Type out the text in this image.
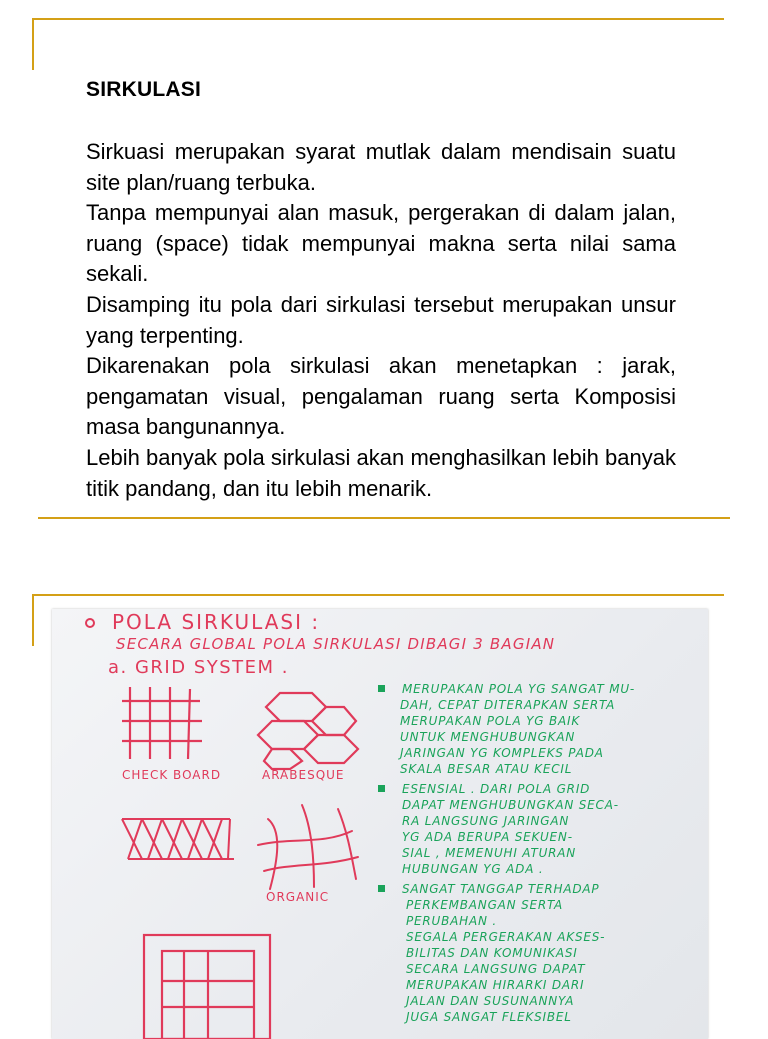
SIRKULASI

Sirkuasi merupakan syarat mutlak dalam mendisain suatu site plan/ruang terbuka.

Tanpa mempunyai alan masuk, pergerakan di dalam jalan, ruang (space) tidak mempunyai makna serta nilai sama sekali.

Disamping itu pola dari sirkulasi tersebut merupakan unsur yang terpenting.

Dikarenakan pola sirkulasi akan menetapkan : jarak, pengamatan visual, pengalaman ruang serta Komposisi masa bangunannya.

Lebih banyak pola sirkulasi akan menghasilkan lebih banyak titik pandang, dan itu lebih menarik.

POLA SIRKULASI :
SECARA GLOBAL POLA SIRKULASI DIBAGI 3 BAGIAN
a. GRID SYSTEM .
CHECK BOARD	ARABESQUE
ORGANIC
MERUPAKAN POLA YG SANGAT MU-
DAH, CEPAT DITERAPKAN SERTA
MERUPAKAN POLA YG BAIK
UNTUK MENGHUBUNGKAN
JARINGAN YG KOMPLEKS PADA
SKALA BESAR ATAU KECIL
ESENSIAL . DARI POLA GRID
DAPAT MENGHUBUNGKAN SECA-
RA LANGSUNG JARINGAN
YG ADA BERUPA SEKUEN-
SIAL , MEMENUHI ATURAN
HUBUNGAN YG ADA .
SANGAT TANGGAP TERHADAP
PERKEMBANGAN SERTA
PERUBAHAN .
SEGALA PERGERAKAN AKSES-
BILITAS DAN KOMUNIKASI
SECARA LANGSUNG DAPAT
MERUPAKAN HIRARKI DARI
JALAN DAN SUSUNANNYA
JUGA SANGAT FLEKSIBEL
